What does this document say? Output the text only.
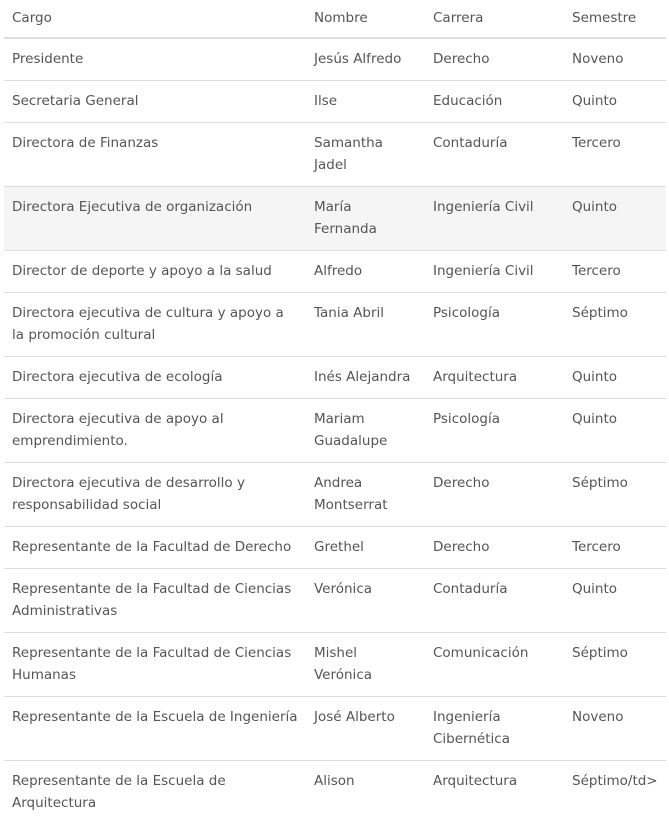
Cargo	Nombre	Carrera	Semestre
Presidente	Jesús Alfredo	Derecho	Noveno
Secretaria General	Ilse	Educación	Quinto
Directora de Finanzas	Samantha Jadel	Contaduría	Tercero
Directora Ejecutiva de organización	María Fernanda	Ingeniería Civil	Quinto
Director de deporte y apoyo a la salud	Alfredo	Ingeniería Civil	Tercero
Directora ejecutiva de cultura y apoyo a la promoción cultural	Tania Abril	Psicología	Séptimo
Directora ejecutiva de ecología	Inés Alejandra	Arquitectura	Quinto
Directora ejecutiva de apoyo al emprendimiento.	Mariam Guadalupe	Psicología	Quinto
Directora ejecutiva de desarrollo y responsabilidad social	Andrea Montserrat	Derecho	Séptimo
Representante de la Facultad de Derecho	Grethel	Derecho	Tercero
Representante de la Facultad de Ciencias Administrativas	Verónica	Contaduría	Quinto
Representante de la Facultad de Ciencias Humanas	Mishel Verónica	Comunicación	Séptimo
Representante de la Escuela de Ingeniería	José Alberto	Ingeniería Cibernética	Noveno
Representante de la Escuela de Arquitectura	Alison	Arquitectura	Séptimo/td>
